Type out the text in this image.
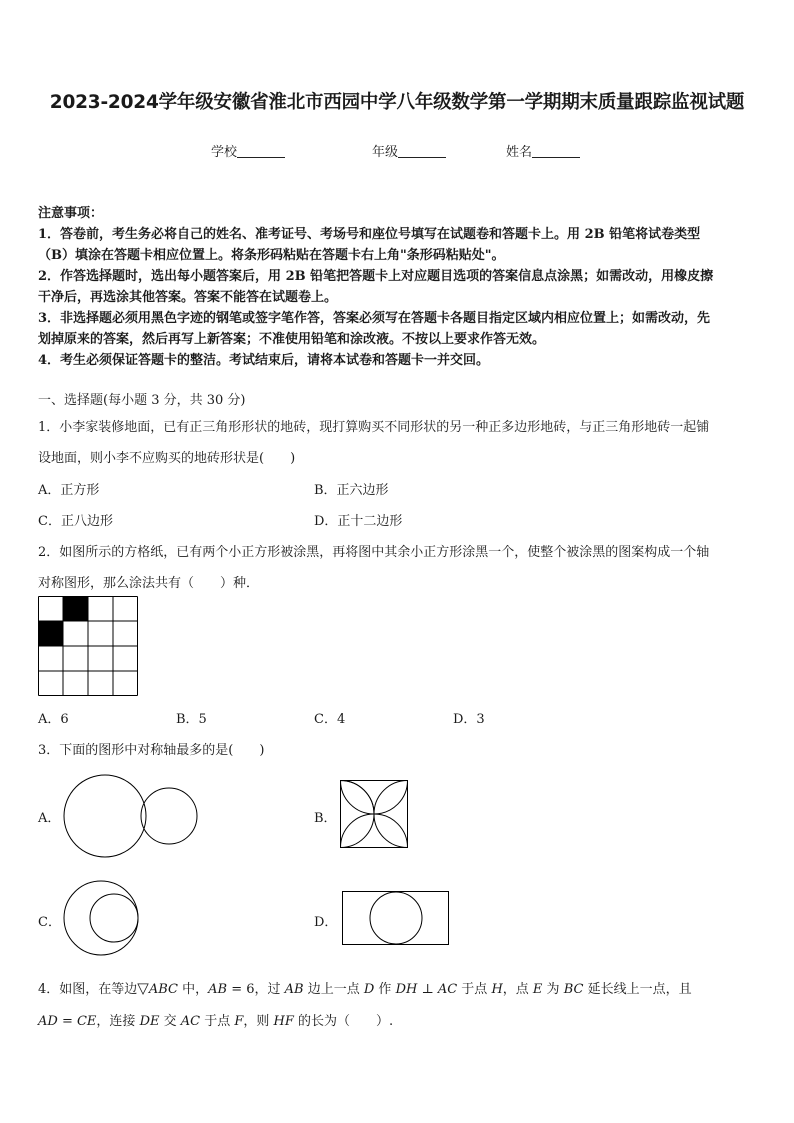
2023-2024学年级安徽省淮北市西园中学八年级数学第一学期期末质量跟踪监视试题
学校	年级	姓名
注意事项：
1．答卷前，考生务必将自己的姓名、准考证号、考场号和座位号填写在试题卷和答题卡上。用 2B 铅笔将试卷类型
（B）填涂在答题卡相应位置上。将条形码粘贴在答题卡右上角"条形码粘贴处"。
2．作答选择题时，选出每小题答案后，用 2B 铅笔把答题卡上对应题目选项的答案信息点涂黑；如需改动，用橡皮擦
干净后，再选涂其他答案。答案不能答在试题卷上。
3．非选择题必须用黑色字迹的钢笔或签字笔作答，答案必须写在答题卡各题目指定区域内相应位置上；如需改动，先
划掉原来的答案，然后再写上新答案；不准使用铅笔和涂改液。不按以上要求作答无效。
4．考生必须保证答题卡的整洁。考试结束后，请将本试卷和答题卡一并交回。
一、选择题(每小题 3 分，共 30 分)
1．小李家装修地面，已有正三角形形状的地砖，现打算购买不同形状的另一种正多边形地砖，与正三角形地砖一起铺
设地面，则小李不应购买的地砖形状是(　　)
A．正方形	B．正六边形
C．正八边形	D．正十二边形
2．如图所示的方格纸，已有两个小正方形被涂黑，再将图中其余小正方形涂黑一个，使整个被涂黑的图案构成一个轴
对称图形，那么涂法共有（　　）种．
A．6	B．5	C．4	D．3
3．下面的图形中对称轴最多的是(　　)
A．	B．
C．	D．
4．如图，在等边▽ABC 中，AB = 6，过 AB 边上一点 D 作 DH ⊥ AC 于点 H，点 E 为 BC 延长线上一点，且
AD = CE，连接 DE 交 AC 于点 F，则 HF 的长为（　　）.
